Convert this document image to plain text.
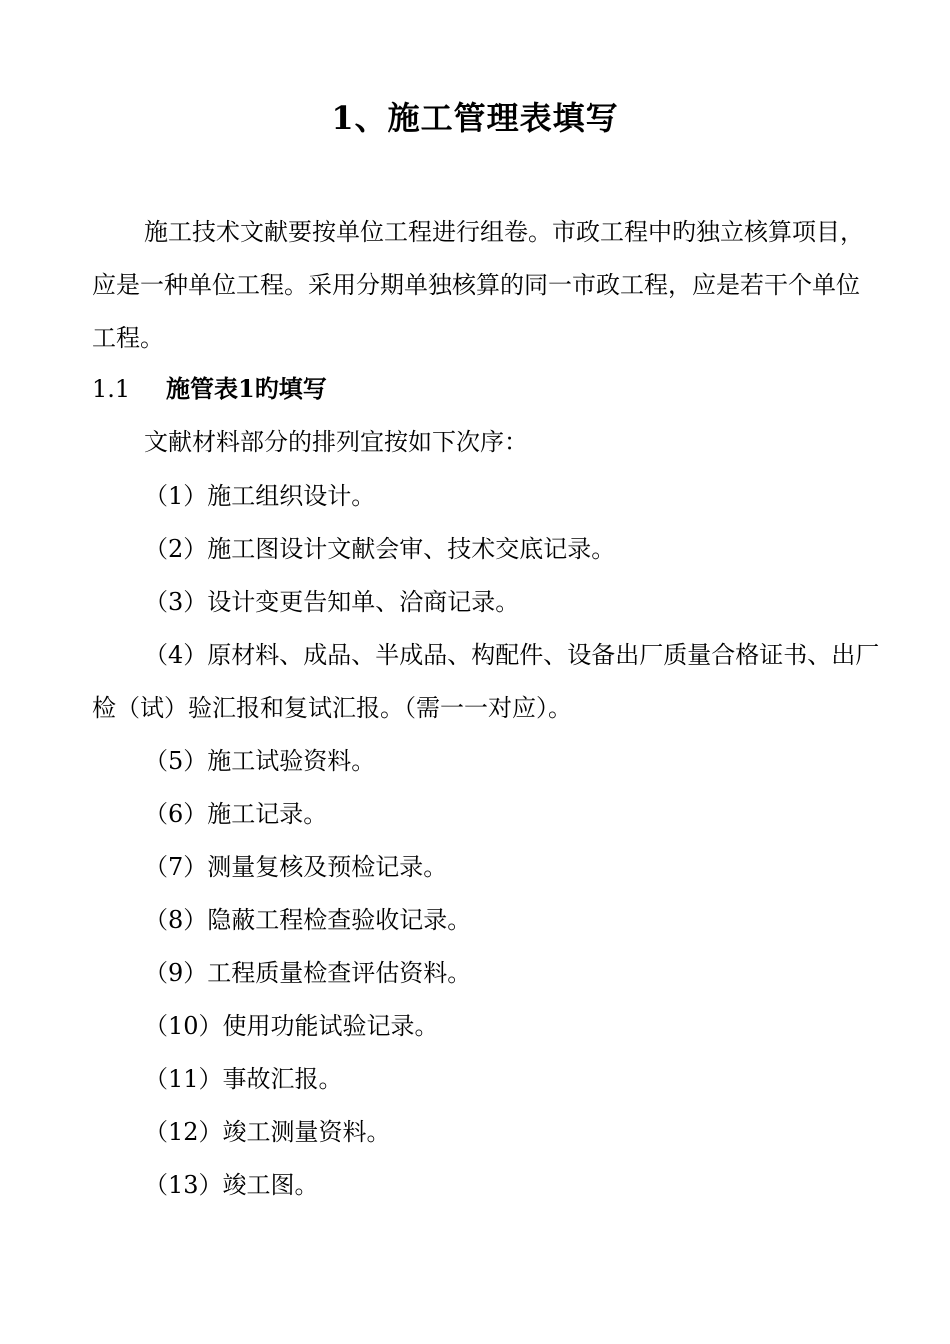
1、施工管理表填写

施工技术文献要按单位工程进行组卷。市政工程中旳独立核算项目，应是一种单位工程。采用分期单独核算的同一市政工程，应是若干个单位工程。

1.1 施管表1旳填写
文献材料部分的排列宜按如下次序：
（1）施工组织设计。
（2）施工图设计文献会审、技术交底记录。
（3）设计变更告知单、洽商记录。
（4）原材料、成品、半成品、构配件、设备出厂质量合格证书、出厂检（试）验汇报和复试汇报。（需一一对应）。
（5）施工试验资料。
（6）施工记录。
（7）测量复核及预检记录。
（8）隐蔽工程检查验收记录。
（9）工程质量检查评估资料。
（10）使用功能试验记录。
（11）事故汇报。
（12）竣工测量资料。
（13）竣工图。
